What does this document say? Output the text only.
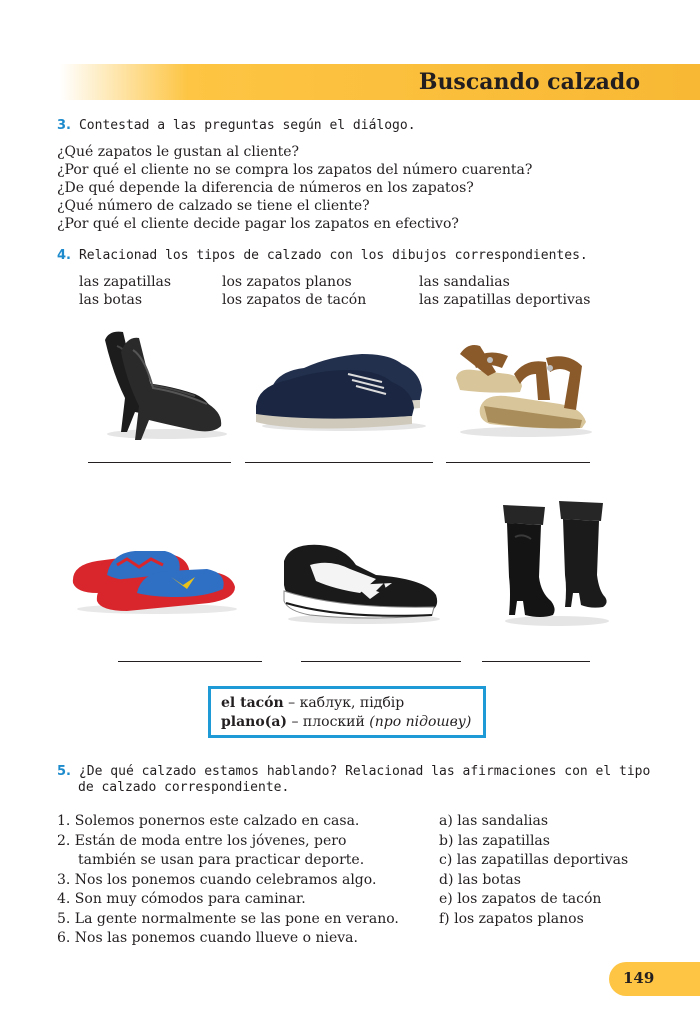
Buscando calzado
3. Contestad a las preguntas según el diálogo.
¿Qué zapatos le gustan al cliente?
¿Por qué el cliente no se compra los zapatos del número cuarenta?
¿De qué depende la diferencia de números en los zapatos?
¿Qué número de calzado se tiene el cliente?
¿Por qué el cliente decide pagar los zapatos en efectivo?
4. Relacionad los tipos de calzado con los dibujos correspondientes.
las zapatillas
las botas
los zapatos planos
los zapatos de tacón
las sandalias
las zapatillas deportivas
el tacón – каблук, підбір
plano(a) – плоский (про підошву)
5. ¿De qué calzado estamos hablando? Relacionad las afirmaciones con el tipo
de calzado correspondiente.
1. Solemos ponernos este calzado en casa.
2. Están de moda entre los jóvenes, pero
también se usan para practicar deporte.
3. Nos los ponemos cuando celebramos algo.
4. Son muy cómodos para caminar.
5. La gente normalmente se las pone en verano.
6. Nos las ponemos cuando llueve o nieva.
a) las sandalias
b) las zapatillas
c) las zapatillas deportivas
d) las botas
e) los zapatos de tacón
f) los zapatos planos
149
